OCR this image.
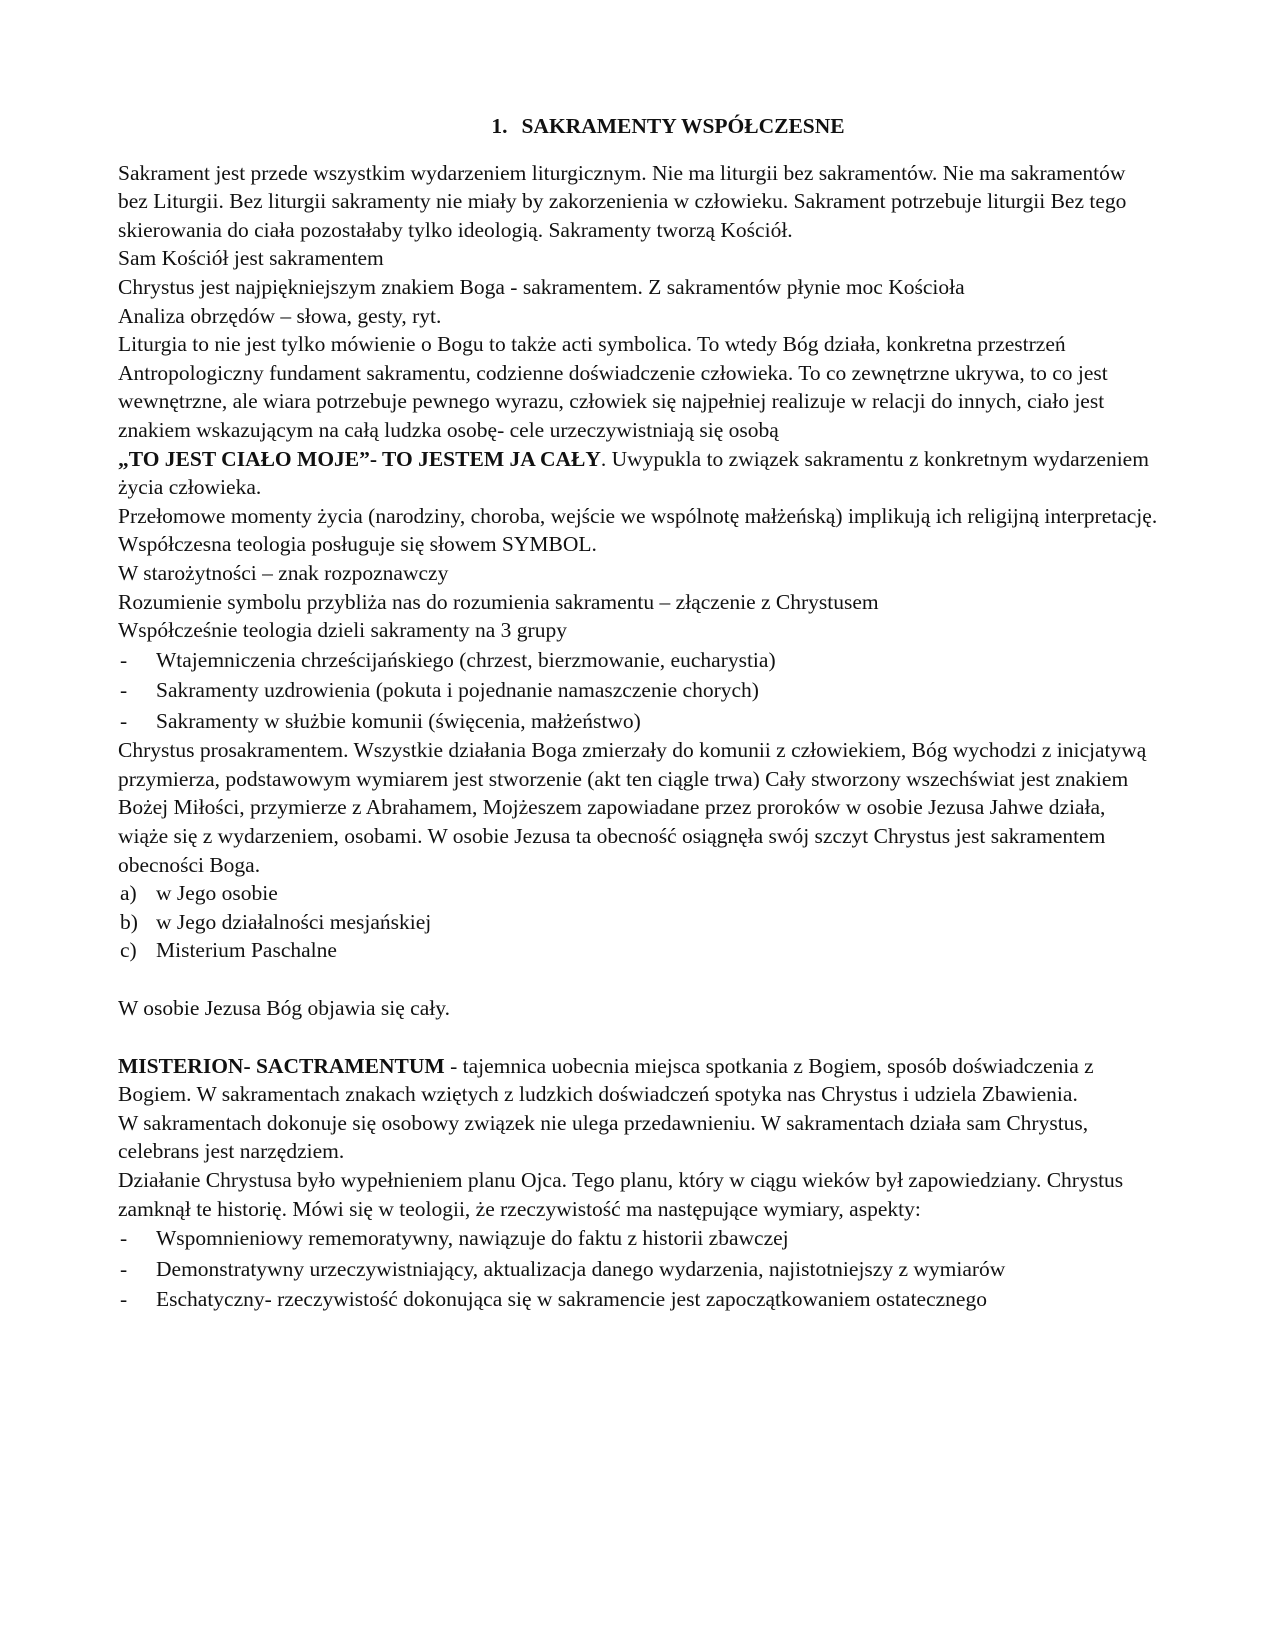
1. SAKRAMENTY WSPÓŁCZESNE

Sakrament jest przede wszystkim wydarzeniem liturgicznym. Nie ma liturgii bez sakramentów. Nie ma sakramentów bez Liturgii. Bez liturgii sakramenty nie miały by zakorzenienia w człowieku. Sakrament potrzebuje liturgii Bez tego skierowania do ciała pozostałaby tylko ideologią. Sakramenty tworzą Kościół.

Sam Kościół jest sakramentem

Chrystus jest najpiękniejszym znakiem Boga - sakramentem. Z sakramentów płynie moc Kościoła

Analiza obrzędów – słowa, gesty, ryt.

Liturgia to nie jest tylko mówienie o Bogu to także acti symbolica. To wtedy Bóg działa, konkretna przestrzeń

Antropologiczny fundament sakramentu, codzienne doświadczenie człowieka. To co zewnętrzne ukrywa, to co jest wewnętrzne, ale wiara potrzebuje pewnego wyrazu, człowiek się najpełniej realizuje w relacji do innych, ciało jest znakiem wskazującym na całą ludzka osobę- cele urzeczywistniają się osobą

„TO JEST CIAŁO MOJE”- TO JESTEM JA CAŁY. Uwypukla to związek sakramentu z konkretnym wydarzeniem życia człowieka.

Przełomowe momenty życia (narodziny, choroba, wejście we wspólnotę małżeńską) implikują ich religijną interpretację.

Współczesna teologia posługuje się słowem SYMBOL.

W starożytności – znak rozpoznawczy

Rozumienie symbolu przybliża nas do rozumienia sakramentu – złączenie z Chrystusem

Współcześnie teologia dzieli sakramenty na 3 grupy

- Wtajemniczenia chrześcijańskiego (chrzest, bierzmowanie, eucharystia)
- Sakramenty uzdrowienia (pokuta i pojednanie namaszczenie chorych)
- Sakramenty w służbie komunii (święcenia, małżeństwo)

Chrystus prosakramentem. Wszystkie działania Boga zmierzały do komunii z człowiekiem, Bóg wychodzi z inicjatywą przymierza, podstawowym wymiarem jest stworzenie (akt ten ciągle trwa) Cały stworzony wszechświat jest znakiem Bożej Miłości, przymierze z Abrahamem, Mojżeszem zapowiadane przez proroków w osobie Jezusa Jahwe działa, wiąże się z wydarzeniem, osobami. W osobie Jezusa ta obecność osiągnęła swój szczyt Chrystus jest sakramentem obecności Boga.

a) w Jego osobie
b) w Jego działalności mesjańskiej
c) Misterium Paschalne

W osobie Jezusa Bóg objawia się cały.

MISTERION- SACTRAMENTUM - tajemnica uobecnia miejsca spotkania z Bogiem, sposób doświadczenia z Bogiem. W sakramentach znakach wziętych z ludzkich doświadczeń spotyka nas Chrystus i udziela Zbawienia.

W sakramentach dokonuje się osobowy związek nie ulega przedawnieniu. W sakramentach działa sam Chrystus, celebrans jest narzędziem.

Działanie Chrystusa było wypełnieniem planu Ojca. Tego planu, który w ciągu wieków był zapowiedziany. Chrystus zamknął te historię. Mówi się w teologii, że rzeczywistość ma następujące wymiary, aspekty:

- Wspomnieniowy rememoratywny, nawiązuje do faktu z historii zbawczej
- Demonstratywny urzeczywistniający, aktualizacja danego wydarzenia, najistotniejszy z wymiarów
- Eschatyczny- rzeczywistość dokonująca się w sakramencie jest zapoczątkowaniem ostatecznego
